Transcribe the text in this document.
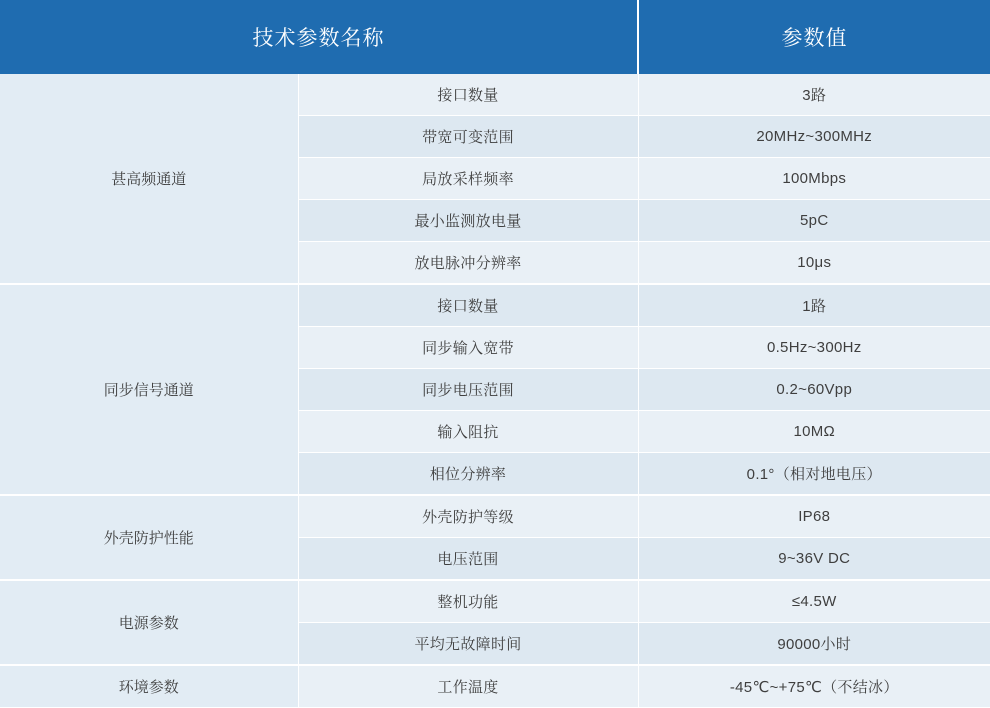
技术参数名称		参数值
甚高频通道	接口数量	3路
	带宽可变范围	20MHz~300MHz
	局放采样频率	100Mbps
	最小监测放电量	5pC
	放电脉冲分辨率	10μs
同步信号通道	接口数量	1路
	同步输入宽带	0.5Hz~300Hz
	同步电压范围	0.2~60Vpp
	输入阻抗	10MΩ
	相位分辨率	0.1°（相对地电压）
外壳防护性能	外壳防护等级	IP68
	电压范围	9~36V DC
电源参数	整机功能	≤4.5W
	平均无故障时间	90000小时
环境参数	工作温度	-45℃~+75℃（不结冰）
